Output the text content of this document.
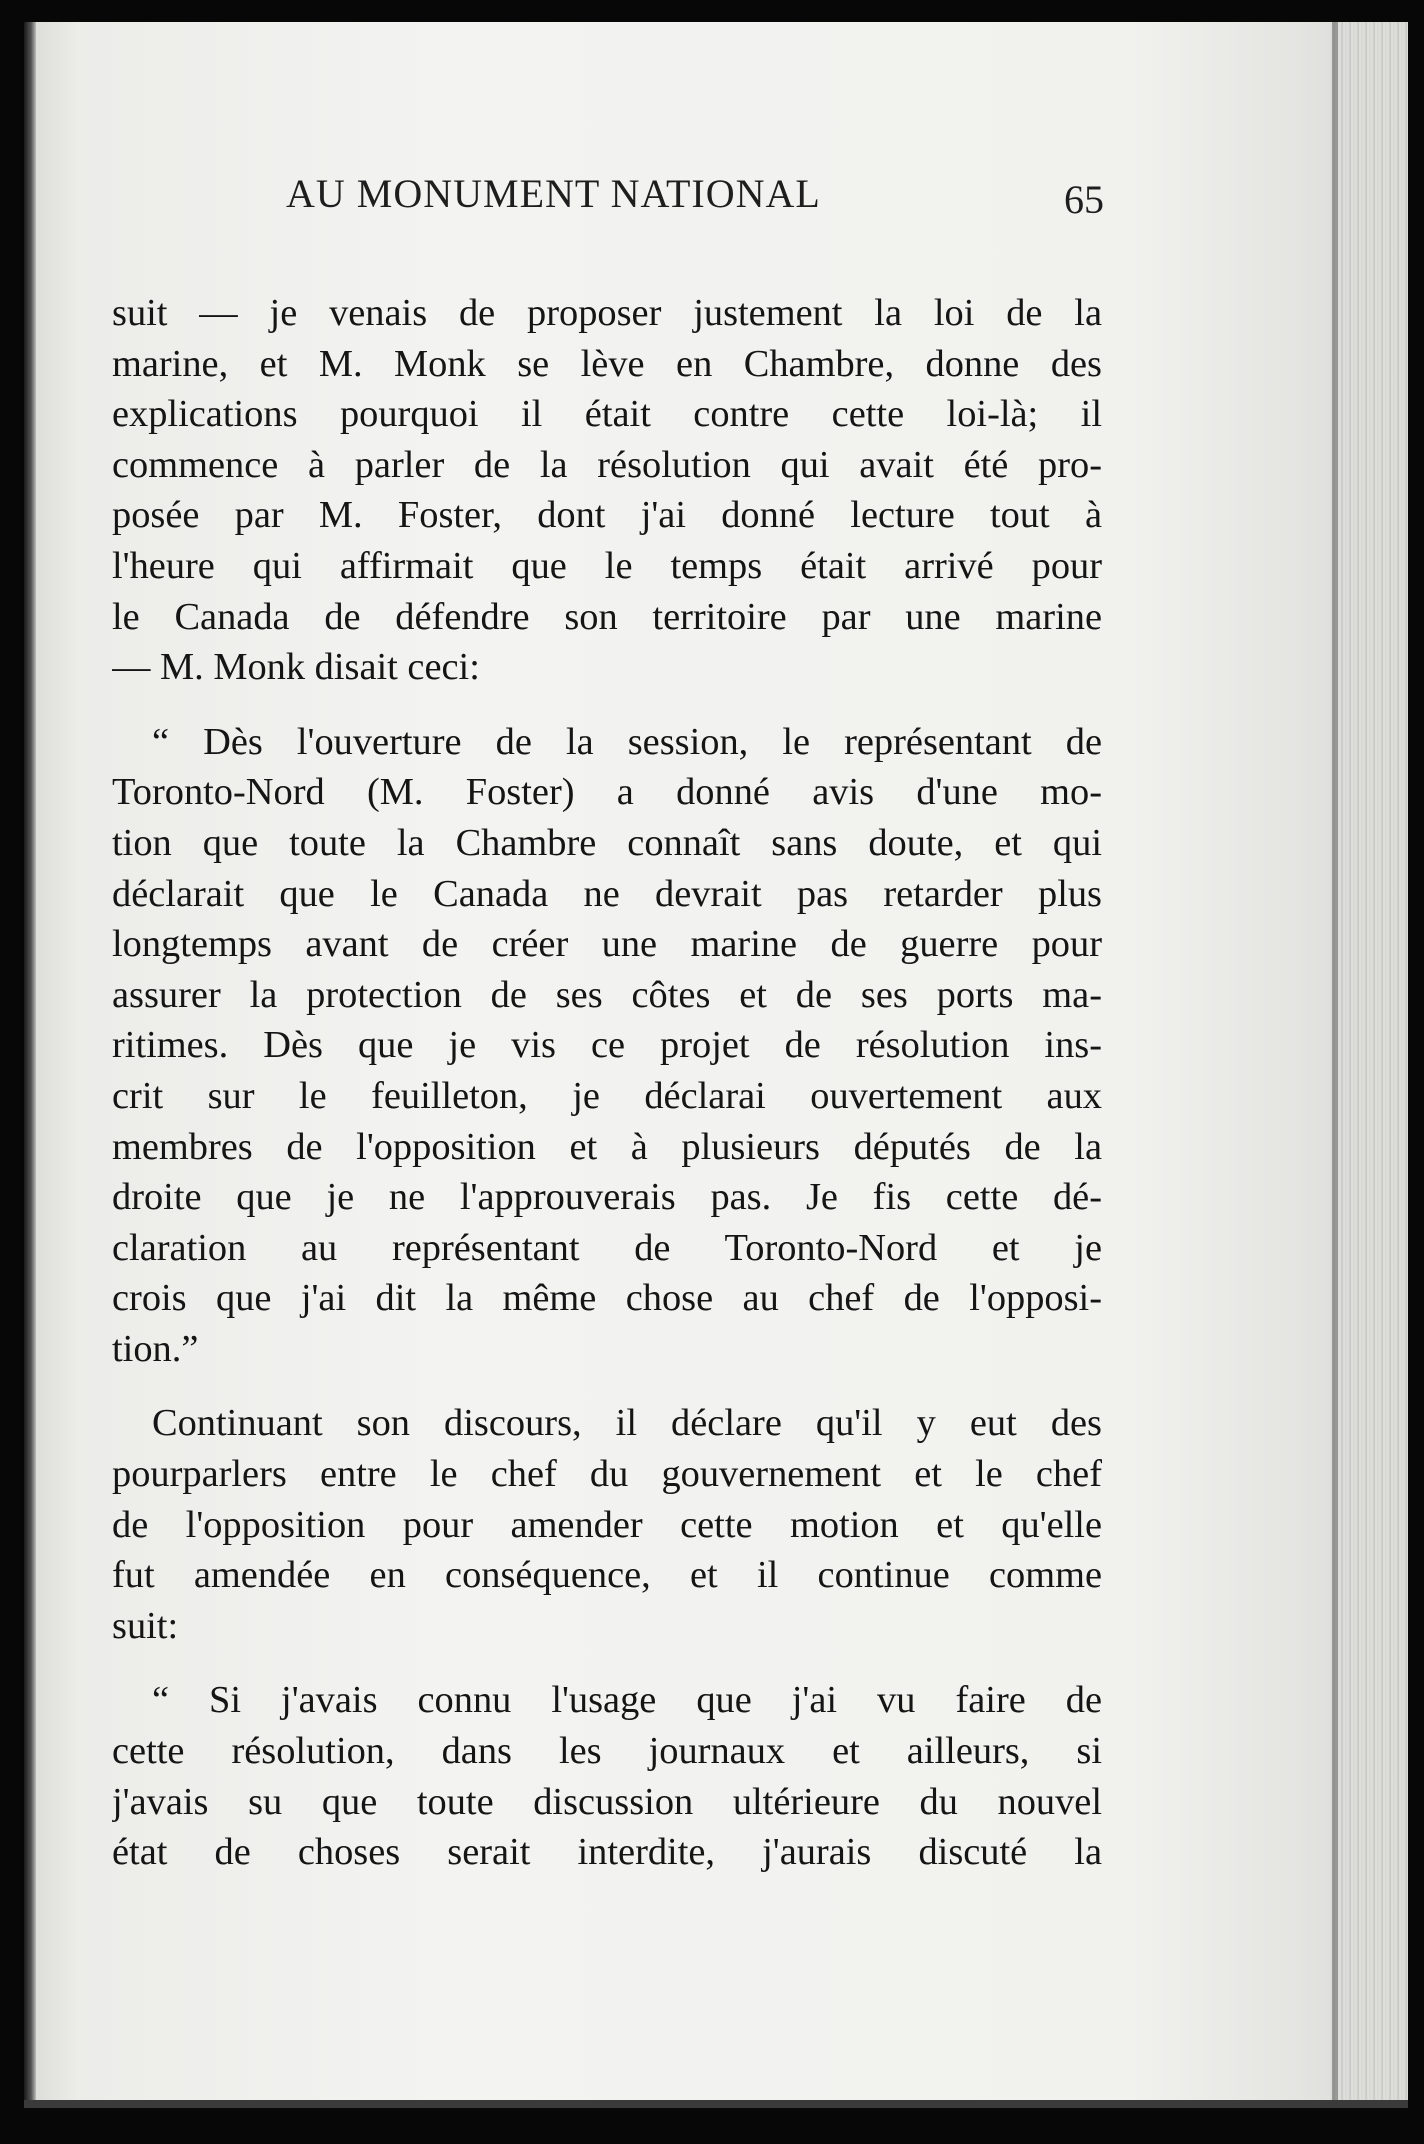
AU MONUMENT NATIONAL	65
suit — je venais de proposer justement la loi de la
marine, et M. Monk se lève en Chambre, donne des
explications pourquoi il était contre cette loi-là; il
commence à parler de la résolution qui avait été pro-
posée par M. Foster, dont j'ai donné lecture tout à
l'heure qui affirmait que le temps était arrivé pour
le Canada de défendre son territoire par une marine
— M. Monk disait ceci:
“ Dès l'ouverture de la session, le représentant de
Toronto-Nord (M. Foster) a donné avis d'une mo-
tion que toute la Chambre connaît sans doute, et qui
déclarait que le Canada ne devrait pas retarder plus
longtemps avant de créer une marine de guerre pour
assurer la protection de ses côtes et de ses ports ma-
ritimes. Dès que je vis ce projet de résolution ins-
crit sur le feuilleton, je déclarai ouvertement aux
membres de l'opposition et à plusieurs députés de la
droite que je ne l'approuverais pas. Je fis cette dé-
claration au représentant de Toronto-Nord et je
crois que j'ai dit la même chose au chef de l'opposi-
tion.”
Continuant son discours, il déclare qu'il y eut des
pourparlers entre le chef du gouvernement et le chef
de l'opposition pour amender cette motion et qu'elle
fut amendée en conséquence, et il continue comme
suit:
“ Si j'avais connu l'usage que j'ai vu faire de
cette résolution, dans les journaux et ailleurs, si
j'avais su que toute discussion ultérieure du nouvel
état de choses serait interdite, j'aurais discuté la
